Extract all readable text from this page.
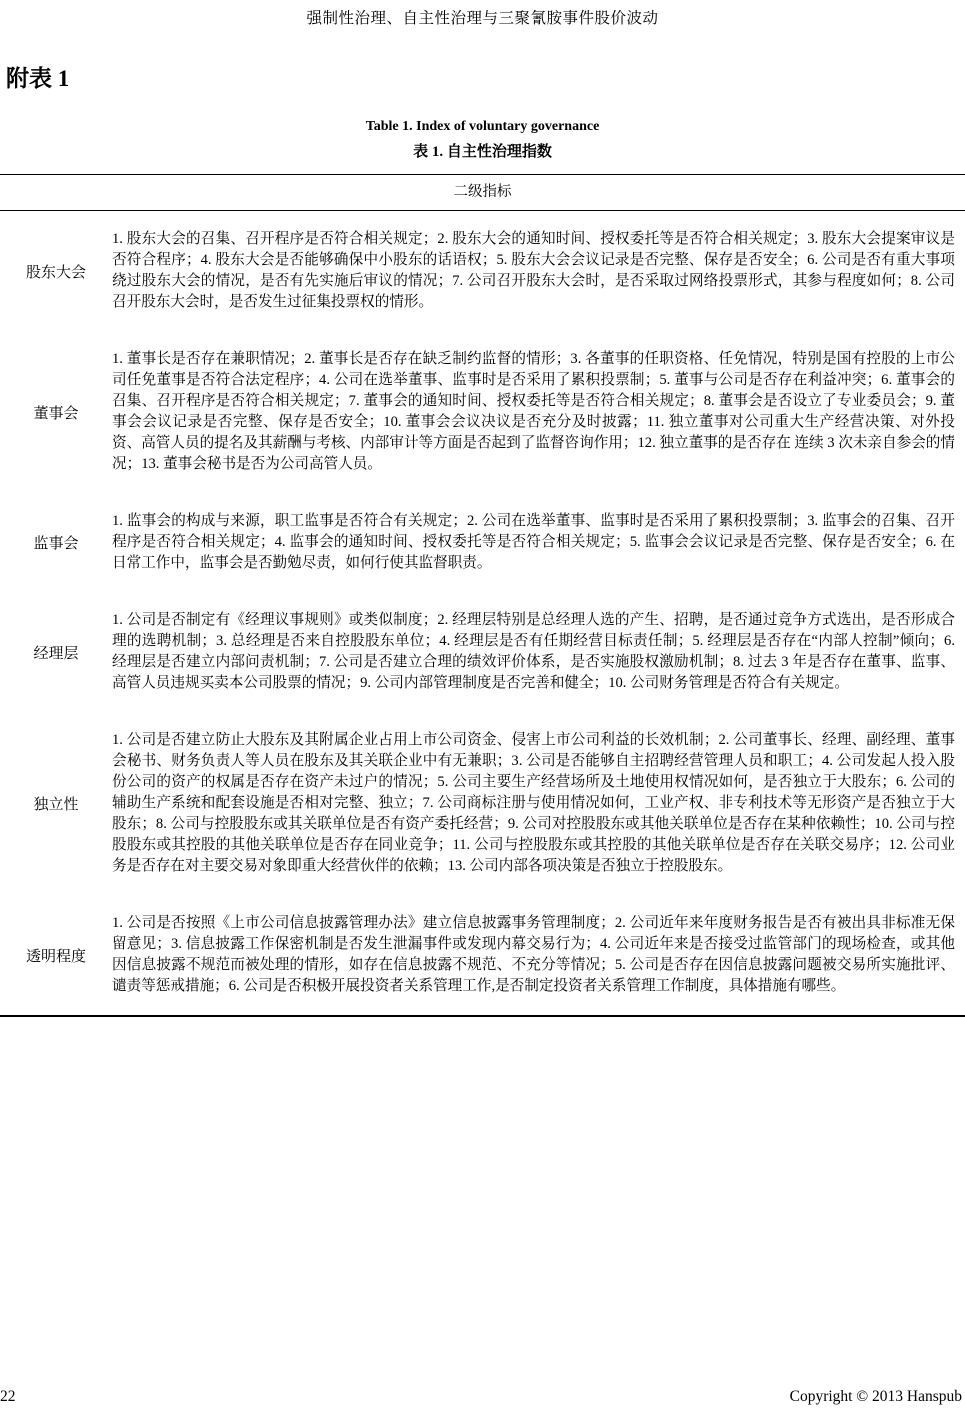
强制性治理、自主性治理与三聚氰胺事件股价波动
附表 1
Table 1. Index of voluntary governance
表 1. 自主性治理指数
二级指标
股东大会
1. 股东大会的召集、召开程序是否符合相关规定；2. 股东大会的通知时间、授权委托等是否符合相关规定；3. 股东大会提案审议是否符合程序；4. 股东大会是否能够确保中小股东的话语权；5. 股东大会会议记录是否完整、保存是否安全；6. 公司是否有重大事项绕过股东大会的情况，是否有先实施后审议的情况；7. 公司召开股东大会时，是否采取过网络投票形式，其参与程度如何；8. 公司召开股东大会时，是否发生过征集投票权的情形。
董事会
1. 董事长是否存在兼职情况；2. 董事长是否存在缺乏制约监督的情形；3. 各董事的任职资格、任免情况，特别是国有控股的上市公司任免董事是否符合法定程序；4. 公司在选举董事、监事时是否采用了累积投票制；5. 董事与公司是否存在利益冲突；6. 董事会的召集、召开程序是否符合相关规定；7. 董事会的通知时间、授权委托等是否符合相关规定；8. 董事会是否设立了专业委员会；9. 董事会会议记录是否完整、保存是否安全；10. 董事会会议决议是否充分及时披露；11. 独立董事对公司重大生产经营决策、对外投资、高管人员的提名及其薪酬与考核、内部审计等方面是否起到了监督咨询作用；12. 独立董事的是否存在 连续 3 次未亲自参会的情况；13. 董事会秘书是否为公司高管人员。
监事会
1. 监事会的构成与来源，职工监事是否符合有关规定；2. 公司在选举董事、监事时是否采用了累积投票制；3. 监事会的召集、召开程序是否符合相关规定；4. 监事会的通知时间、授权委托等是否符合相关规定；5. 监事会会议记录是否完整、保存是否安全；6. 在日常工作中，监事会是否勤勉尽责，如何行使其监督职责。
经理层
1. 公司是否制定有《经理议事规则》或类似制度；2. 经理层特别是总经理人选的产生、招聘，是否通过竞争方式选出，是否形成合理的选聘机制；3. 总经理是否来自控股股东单位；4. 经理层是否有任期经营目标责任制；5. 经理层是否存在“内部人控制”倾向；6. 经理层是否建立内部问责机制；7. 公司是否建立合理的绩效评价体系，是否实施股权激励机制；8. 过去 3 年是否存在董事、监事、高管人员违规买卖本公司股票的情况；9. 公司内部管理制度是否完善和健全；10. 公司财务管理是否符合有关规定。
独立性
1. 公司是否建立防止大股东及其附属企业占用上市公司资金、侵害上市公司利益的长效机制；2. 公司董事长、经理、副经理、董事会秘书、财务负责人等人员在股东及其关联企业中有无兼职；3. 公司是否能够自主招聘经营管理人员和职工；4. 公司发起人投入股份公司的资产的权属是否存在资产未过户的情况；5. 公司主要生产经营场所及土地使用权情况如何，是否独立于大股东；6. 公司的辅助生产系统和配套设施是否相对完整、独立；7. 公司商标注册与使用情况如何，工业产权、非专利技术等无形资产是否独立于大股东；8. 公司与控股股东或其关联单位是否有资产委托经营；9. 公司对控股股东或其他关联单位是否存在某种依赖性；10. 公司与控股股东或其控股的其他关联单位是否存在同业竞争；11. 公司与控股股东或其控股的其他关联单位是否存在关联交易序；12. 公司业务是否存在对主要交易对象即重大经营伙伴的依赖；13. 公司内部各项决策是否独立于控股股东。
透明程度
1. 公司是否按照《上市公司信息披露管理办法》建立信息披露事务管理制度；2. 公司近年来年度财务报告是否有被出具非标准无保留意见；3. 信息披露工作保密机制是否发生泄漏事件或发现内幕交易行为；4. 公司近年来是否接受过监管部门的现场检查，或其他因信息披露不规范而被处理的情形，如存在信息披露不规范、不充分等情况；5. 公司是否存在因信息披露问题被交易所实施批评、谴责等惩戒措施；6. 公司是否积极开展投资者关系管理工作,是否制定投资者关系管理工作制度，具体措施有哪些。
22	Copyright © 2013 Hanspub
